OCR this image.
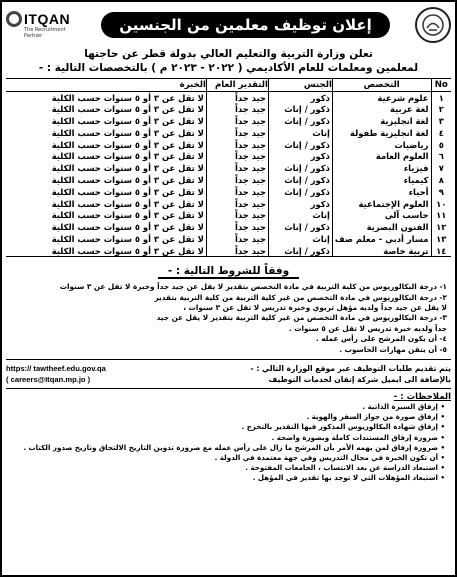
إعلان توظيف معلمين من الجنسين
ITQAN
The Recruitment Partner
تعلن وزارة التربية والتعليم العالي بدولة قطر عن حاجتها
لمعلمين ومعلمات للعام الأكاديمي ( ٢٠٢٢ - ٢٠٢٣ م ) بالتخصصات التالية : -
No	التخصص	الجنس	التقدير العام	الخبرة
١	علوم شرعية	ذكور	جيد جداً	لا تقل عن ٣ أو ٥ سنوات حسب الكلية
٢	لغة عربية	ذكور / إناث	جيد جداً	لا تقل عن ٣ أو ٥ سنوات حسب الكلية
٣	لغة انجليزية	ذكور / إناث	جيد جداً	لا تقل عن ٣ أو ٥ سنوات حسب الكلية
٤	لغة انجليزية طفولة	إناث	جيد جداً	لا تقل عن ٣ أو ٥ سنوات حسب الكلية
٥	رياضيات	ذكور / إناث	جيد جداً	لا تقل عن ٣ أو ٥ سنوات حسب الكلية
٦	العلوم العامة	ذكور	جيد جداً	لا تقل عن ٣ أو ٥ سنوات حسب الكلية
٧	فيزياء	ذكور / إناث	جيد جداً	لا تقل عن ٣ أو ٥ سنوات حسب الكلية
٨	كيمياء	ذكور / إناث	جيد جداً	لا تقل عن ٣ أو ٥ سنوات حسب الكلية
٩	أحياء	ذكور / إناث	جيد جداً	لا تقل عن ٣ أو ٥ سنوات حسب الكلية
١٠	العلوم الإجتماعية	ذكور	جيد جداً	لا تقل عن ٣ أو ٥ سنوات حسب الكلية
١١	حاسب آلي	إناث	جيد جداً	لا تقل عن ٣ أو ٥ سنوات حسب الكلية
١٢	الفنون البصرية	ذكور / إناث	جيد جداً	لا تقل عن ٣ أو ٥ سنوات حسب الكلية
١٣	مسار أدبي - معلم صف	إناث	جيد جداً	لا تقل عن ٣ أو ٥ سنوات حسب الكلية
١٤	تربية خاصة	ذكور / إناث	جيد جداً	لا تقل عن ٣ أو ٥ سنوات حسب الكلية
وفقاً للشروط التالية : -
١- درجة البكالوريوس من كلية التربية في مادة التخصص بتقدير لا يقل عن جيد جداً وخبرة لا تقل عن ٣ سنوات
٢- درجة البكالوريوس في مادة التخصص من غير كلية التربية من كلية التربية بتقدير
لا يقل عن جيد جداً ولديه مؤهل تربوي وخبرة تدريس لا تقل عن ٣ سنوات ،
٣- درجة البكالوريوس في مادة التخصص من غير كلية التربية بتقدير لا يقل عن جيد
جداً ولديه خبرة تدريس لا تقل عن ٥ سنوات .
٤- أن يكون المرشح على رأس عمله .
٥- أن يتقن مهارات الحاسوب .
يتم تقديم طلبات التوظيف عبر موقع الوزارة التالي : -
https:// tawtheef.edu.gov.qa
بالإضافة الى ايميل شركة إتقان لخدمات التوظيف
( careers@Itqan.mp.jo )
الملاحظات : -
• إرفاق السيرة الذاتية .
• إرفاق صورة من جواز السفر والهوية .
• إرفاق شهادة البكالوريوس المذكور فيها التقدير بالتخرج .
• ضرورة إرفاق المستندات كاملة وبصورة واضحة .
• ضرورة إرفاق لمن يهمه الأمر بأن المرشح ما زال على رأس عمله مع ضرورة تدوين التاريخ الالتحاق وتاريخ صدور الكتاب .
• أن تكون الخبرة في مجال التدريس وفي جهة معتمدة في الدولة .
• استبعاد الدراسة عن بعد الانتساب ، الجامعات المفتوحة .
• استبعاد المؤهلات التي لا توجد بها تقدير في المؤهل .
